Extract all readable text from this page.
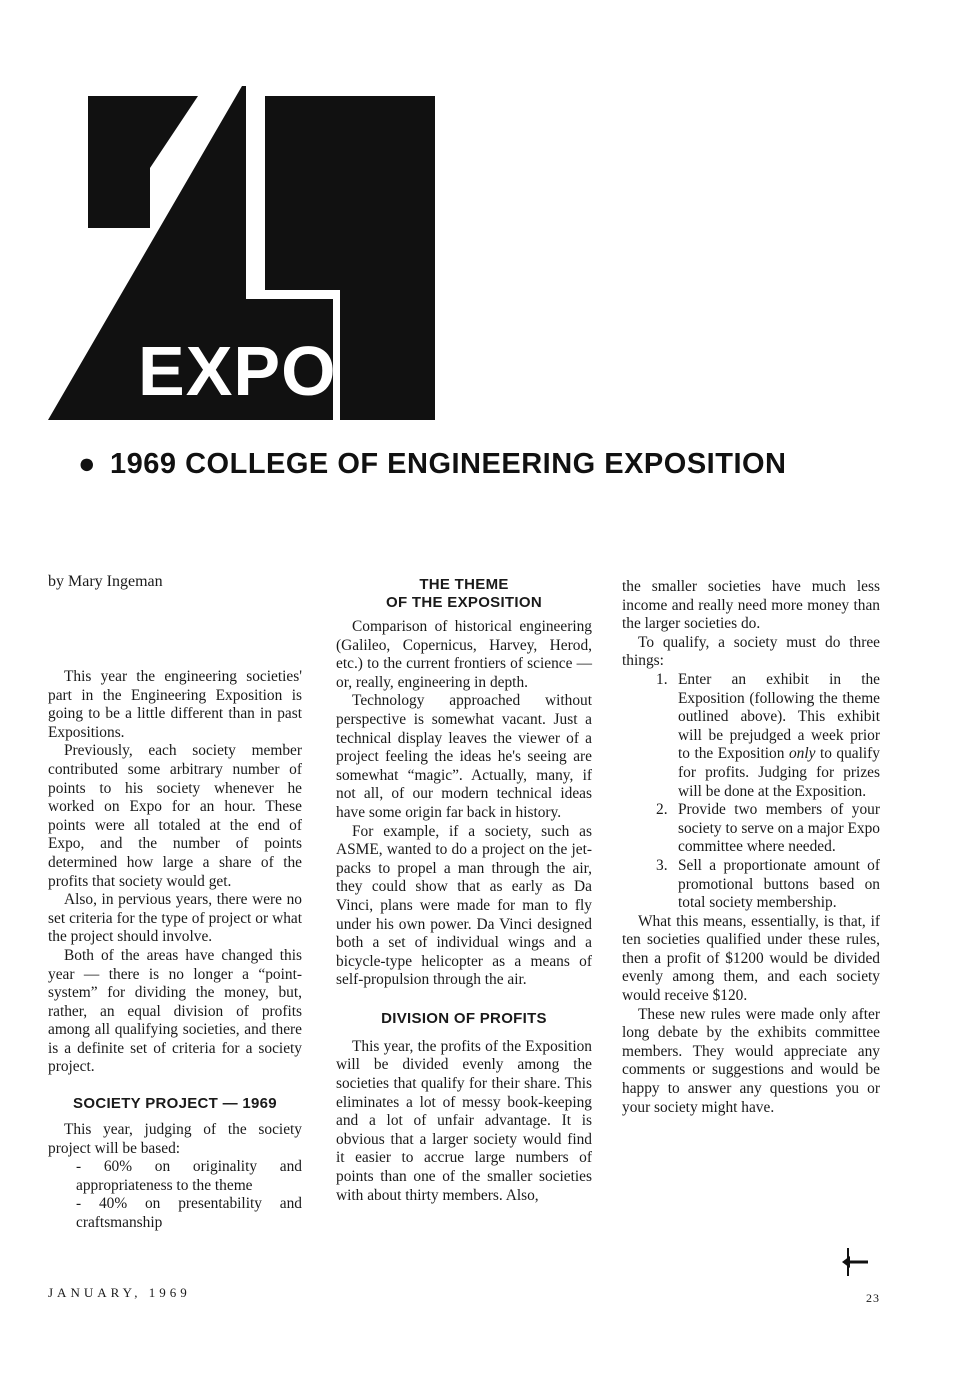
EXPO
● 1969 COLLEGE OF ENGINEERING EXPOSITION
by Mary Ingeman

This year the engineering societies' part in the Engineering Exposition is going to be a little different than in past Expositions.

Previously, each society member contributed some arbitrary number of points to his society whenever he worked on Expo for an hour. These points were all totaled at the end of Expo, and the number of points determined how large a share of the profits that society would get.

Also, in pervious years, there were no set criteria for the type of project or what the project should involve.

Both of the areas have changed this year — there is no longer a “point-system” for dividing the money, but, rather, an equal division of profits among all qualifying societies, and there is a definite set of criteria for a society project.

SOCIETY PROJECT — 1969

This year, judging of the society project will be based:

- 60% on originality and appropriateness to the theme
- 40% on presentability and craftsmanship
THE THEME
OF THE EXPOSITION

Comparison of historical engineering (Galileo, Copernicus, Harvey, Herod, etc.) to the current frontiers of science — or, really, engineering in depth.

Technology approached without perspective is somewhat vacant. Just a technical display leaves the viewer of a project feeling the ideas he's seeing are somewhat “magic”. Actually, many, if not all, of our modern technical ideas have some origin far back in history.

For example, if a society, such as ASME, wanted to do a project on the jet-packs to propel a man through the air, they could show that as early as Da Vinci, plans were made for man to fly under his own power. Da Vinci designed both a set of individual wings and a bicycle-type helicopter as a means of self-propulsion through the air.

DIVISION OF PROFITS

This year, the profits of the Exposition will be divided evenly among the societies that qualify for their share. This eliminates a lot of messy book-keeping and a lot of unfair advantage. It is obvious that a larger society would find it easier to accrue large numbers of points than one of the smaller societies with about thirty members. Also,

the smaller societies have much less income and really need more money than the larger societies do.

To qualify, a society must do three things:

1. Enter an exhibit in the Exposition (following the theme outlined above). This exhibit will be prejudged a week prior to the Exposition only to qualify for profits. Judging for prizes will be done at the Exposition.
2. Provide two members of your society to serve on a major Expo committee where needed.
3. Sell a proportionate amount of promotional buttons based on total society membership.

What this means, essentially, is that, if ten societies qualified under these rules, then a profit of $1200 would be divided evenly among them, and each society would receive $120.

These new rules were made only after long debate by the exhibits committee members. They would appreciate any comments or suggestions and would be happy to answer any questions you or your society might have.

JANUARY, 1969	23
